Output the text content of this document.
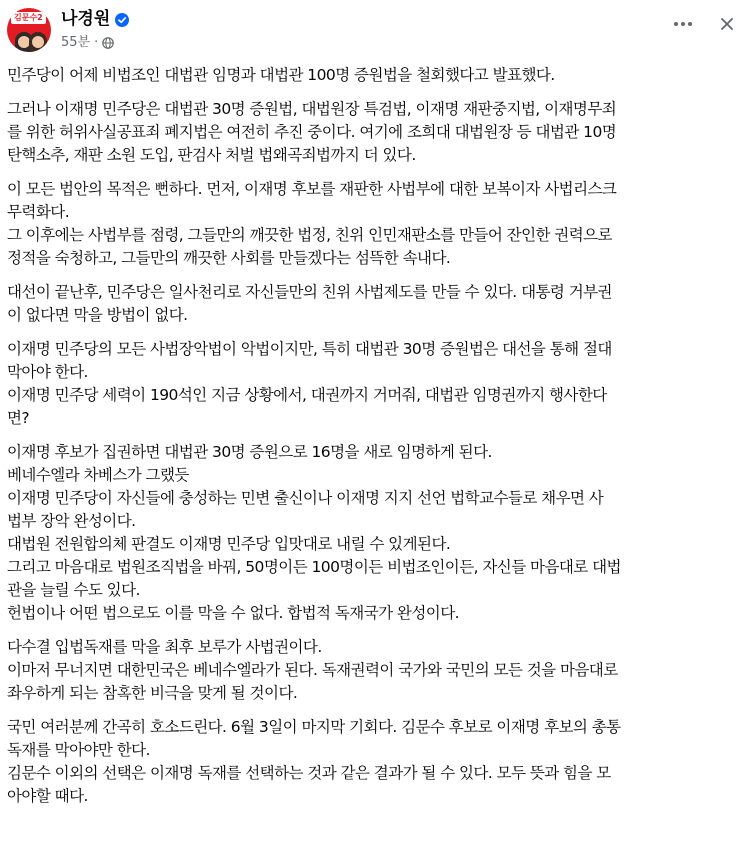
김문수2 나경원
55분 ·
민주당이 어제 비법조인 대법관 임명과 대법관 100명 증원법을 철회했다고 발표했다.
그러나 이재명 민주당은 대법관 30명 증원법, 대법원장 특검법, 이재명 재판중지법, 이재명무죄
를 위한 허위사실공표죄 폐지법은 여전히 추진 중이다. 여기에 조희대 대법원장 등 대법관 10명
탄핵소추, 재판 소원 도입, 판검사 처벌 법왜곡죄법까지 더 있다.
이 모든 법안의 목적은 뻔하다. 먼저, 이재명 후보를 재판한 사법부에 대한 보복이자 사법리스크
무력화다.
그 이후에는 사법부를 점령, 그들만의 깨끗한 법정, 친위 인민재판소를 만들어 잔인한 권력으로
정적을 숙청하고, 그들만의 깨끗한 사회를 만들겠다는 섬뜩한 속내다.
대선이 끝난후, 민주당은 일사천리로 자신들만의 친위 사법제도를 만들 수 있다. 대통령 거부권
이 없다면 막을 방법이 없다.
이재명 민주당의 모든 사법장악법이 악법이지만, 특히 대법관 30명 증원법은 대선을 통해 절대
막아야 한다.
이재명 민주당 세력이 190석인 지금 상황에서, 대권까지 거머줘, 대법관 임명권까지 행사한다
면?
이재명 후보가 집권하면 대법관 30명 증원으로 16명을 새로 임명하게 된다.
베네수엘라 차베스가 그랬듯
이재명 민주당이 자신들에 충성하는 민변 출신이나 이재명 지지 선언 법학교수들로 채우면 사
법부 장악 완성이다.
대법원 전원합의체 판결도 이재명 민주당 입맛대로 내릴 수 있게된다.
그리고 마음대로 법원조직법을 바꿔, 50명이든 100명이든 비법조인이든, 자신들 마음대로 대법
관을 늘릴 수도 있다.
헌법이나 어떤 법으로도 이를 막을 수 없다. 합법적 독재국가 완성이다.
다수결 입법독재를 막을 최후 보루가 사법권이다.
이마저 무너지면 대한민국은 베네수엘라가 된다. 독재권력이 국가와 국민의 모든 것을 마음대로
좌우하게 되는 참혹한 비극을 맞게 될 것이다.
국민 여러분께 간곡히 호소드린다. 6월 3일이 마지막 기회다. 김문수 후보로 이재명 후보의 총통
독재를 막아야만 한다.
김문수 이외의 선택은 이재명 독재를 선택하는 것과 같은 결과가 될 수 있다. 모두 뜻과 힘을 모
아야할 때다.
